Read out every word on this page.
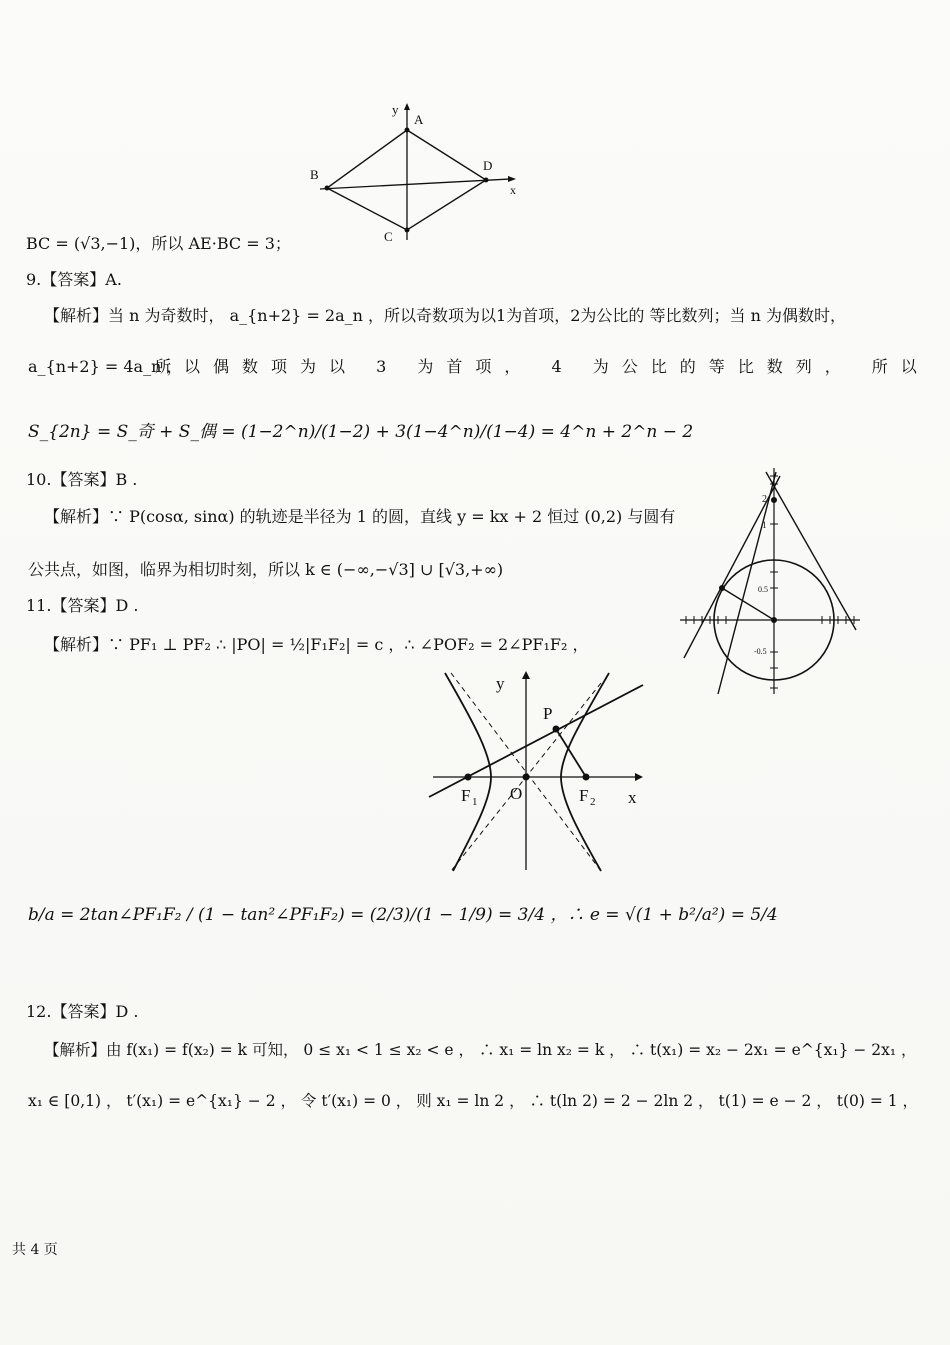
y
A
B
D
x
C
BC = (√3,−1)，所以 AE·BC = 3；
9.【答案】A.
【解析】当 n 为奇数时， a_{n+2} = 2a_n ，所以奇数项为以1为首项，2为公比的 等比数列；当 n 为偶数时，
a_{n+2} = 4a_n ，
所以偶数项为以 3 为首项， 4 为公比的等比数列， 所以
S_{2n} = S_奇 + S_偶 = (1−2^n)/(1−2) + 3(1−4^n)/(1−4) = 4^n + 2^n − 2
10.【答案】B .
【解析】∵ P(cosα, sinα) 的轨迹是半径为 1 的圆，直线 y = kx + 2 恒过 (0,2) 与圆有
公共点，如图，临界为相切时刻，所以 k ∈ (−∞,−√3] ∪ [√3,+∞)
2
1
0.5
-0.5
11.【答案】D .
【解析】∵ PF₁ ⊥ PF₂ ∴ |PO| = ½|F₁F₂| = c ，∴ ∠POF₂ = 2∠PF₁F₂ ，
y
P
O	x
F 1	F 2
b/a = 2tan∠PF₁F₂ / (1 − tan²∠PF₁F₂) = (2/3)/(1 − 1/9) = 3/4 ，∴ e = √(1 + b²/a²) = 5/4
12.【答案】D .
【解析】由 f(x₁) = f(x₂) = k 可知， 0 ≤ x₁ < 1 ≤ x₂ < e ， ∴ x₁ = ln x₂ = k ， ∴ t(x₁) = x₂ − 2x₁ = e^{x₁} − 2x₁ ，
x₁ ∈ [0,1) ， t′(x₁) = e^{x₁} − 2 ， 令 t′(x₁) = 0 ， 则 x₁ = ln 2 ， ∴ t(ln 2) = 2 − 2ln 2 ， t(1) = e − 2 ， t(0) = 1 ，
共 4 页
